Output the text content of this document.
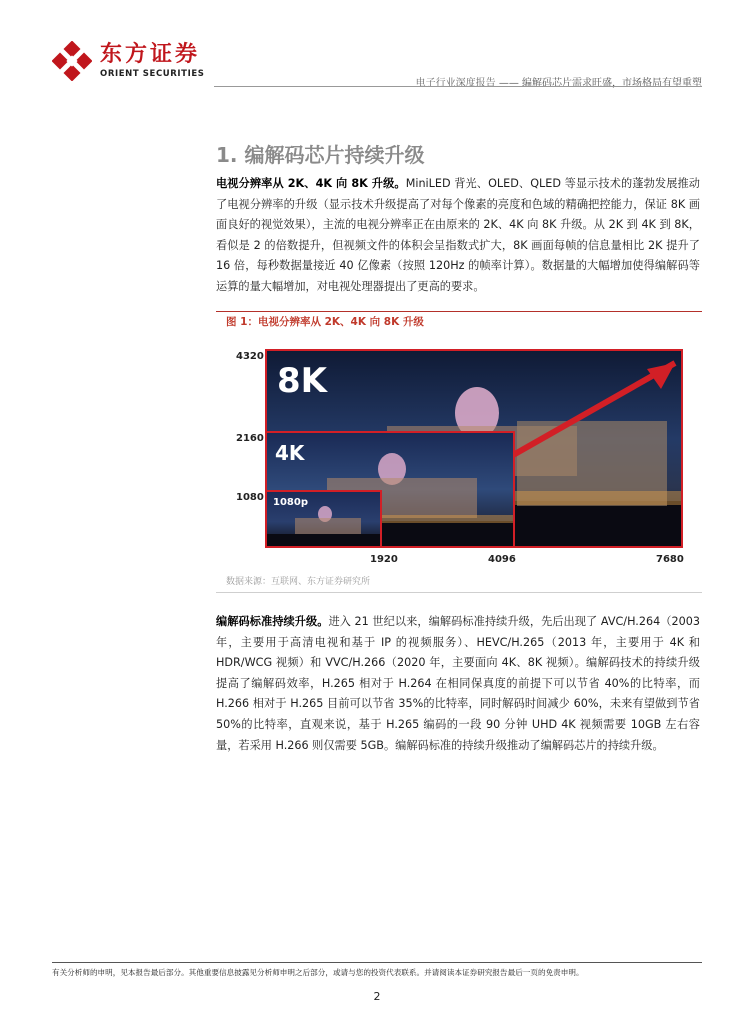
东方证券
ORIENT SECURITIES
电子行业深度报告 —— 编解码芯片需求旺盛，市场格局有望重塑
1. 编解码芯片持续升级
电视分辨率从 2K、4K 向 8K 升级。MiniLED 背光、OLED、QLED 等显示技术的蓬勃发展推动了电视分辨率的升级（显示技术升级提高了对每个像素的亮度和色域的精确把控能力，保证 8K 画面良好的视觉效果），主流的电视分辨率正在由原来的 2K、4K 向 8K 升级。从 2K 到 4K 到 8K，看似是 2 的倍数提升，但视频文件的体积会呈指数式扩大，8K 画面每帧的信息量相比 2K 提升了 16 倍，每秒数据量接近 40 亿像素（按照 120Hz 的帧率计算）。数据量的大幅增加使得编解码等运算的量大幅增加，对电视处理器提出了更高的要求。
图 1：电视分辨率从 2K、4K 向 8K 升级
4320
2160
1080
8K
4K
1080p
1920	4096	7680
数据来源：互联网、东方证券研究所
编解码标准持续升级。进入 21 世纪以来，编解码标准持续升级，先后出现了 AVC/H.264（2003 年，主要用于高清电视和基于 IP 的视频服务）、HEVC/H.265（2013 年，主要用于 4K 和 HDR/WCG 视频）和 VVC/H.266（2020 年，主要面向 4K、8K 视频）。编解码技术的持续升级提高了编解码效率，H.265 相对于 H.264 在相同保真度的前提下可以节省 40%的比特率，而 H.266 相对于 H.265 目前可以节省 35%的比特率，同时解码时间减少 60%，未来有望做到节省 50%的比特率，直观来说，基于 H.265 编码的一段 90 分钟 UHD 4K 视频需要 10GB 左右容量，若采用 H.266 则仅需要 5GB。编解码标准的持续升级推动了编解码芯片的持续升级。
有关分析师的申明，见本报告最后部分。其他重要信息披露见分析师申明之后部分，或请与您的投资代表联系。并请阅读本证券研究报告最后一页的免责申明。
2
